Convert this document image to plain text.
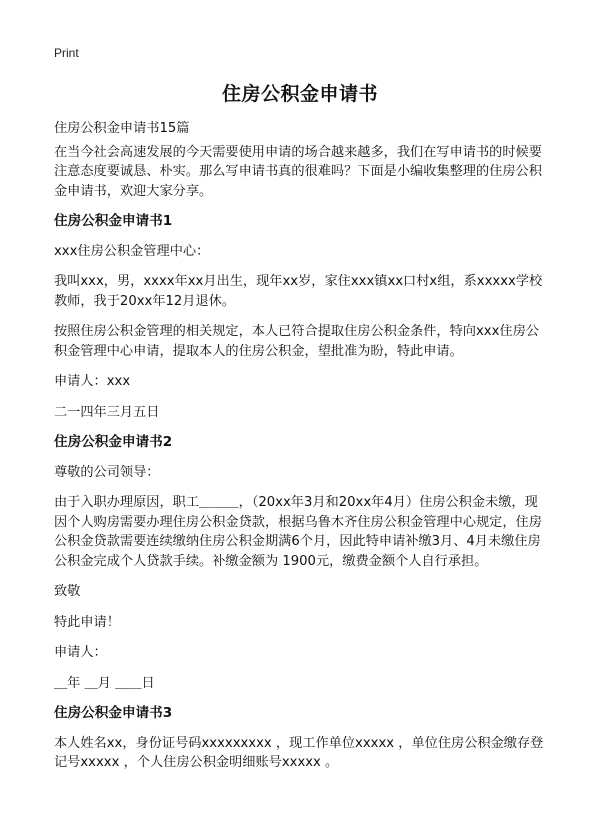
Print
住房公积金申请书

住房公积金申请书15篇

在当今社会高速发展的今天需要使用申请的场合越来越多，我们在写申请书的时候要注意态度要诚恳、朴实。那么写申请书真的很难吗？下面是小编收集整理的住房公积金申请书，欢迎大家分享。

住房公积金申请书1

xxx住房公积金管理中心：

我叫xxx，男，xxxx年xx月出生，现年xx岁，家住xxx镇xx口村x组，系xxxxx学校教师，我于20xx年12月退休。

按照住房公积金管理的相关规定，本人已符合提取住房公积金条件，特向xxx住房公积金管理中心申请，提取本人的住房公积金，望批准为盼，特此申请。

申请人：xxx

二一四年三月五日

住房公积金申请书2

尊敬的公司领导：

由于入职办理原因，职工＿＿＿，（20xx年3月和20xx年4月）住房公积金未缴，现因个人购房需要办理住房公积金贷款，根据乌鲁木齐住房公积金管理中心规定，住房公积金贷款需要连续缴纳住房公积金期满6个月，因此特申请补缴3月、4月未缴住房公积金完成个人贷款手续。补缴金额为 1900元，缴费金额个人自行承担。

致敬

特此申请！

申请人：

＿年 ＿月 ＿＿日

住房公积金申请书3

本人姓名xx，身份证号码xxxxxxxxx ，现工作单位xxxxx ，单位住房公积金缴存登记号xxxxx ，个人住房公积金明细账号xxxxx 。
